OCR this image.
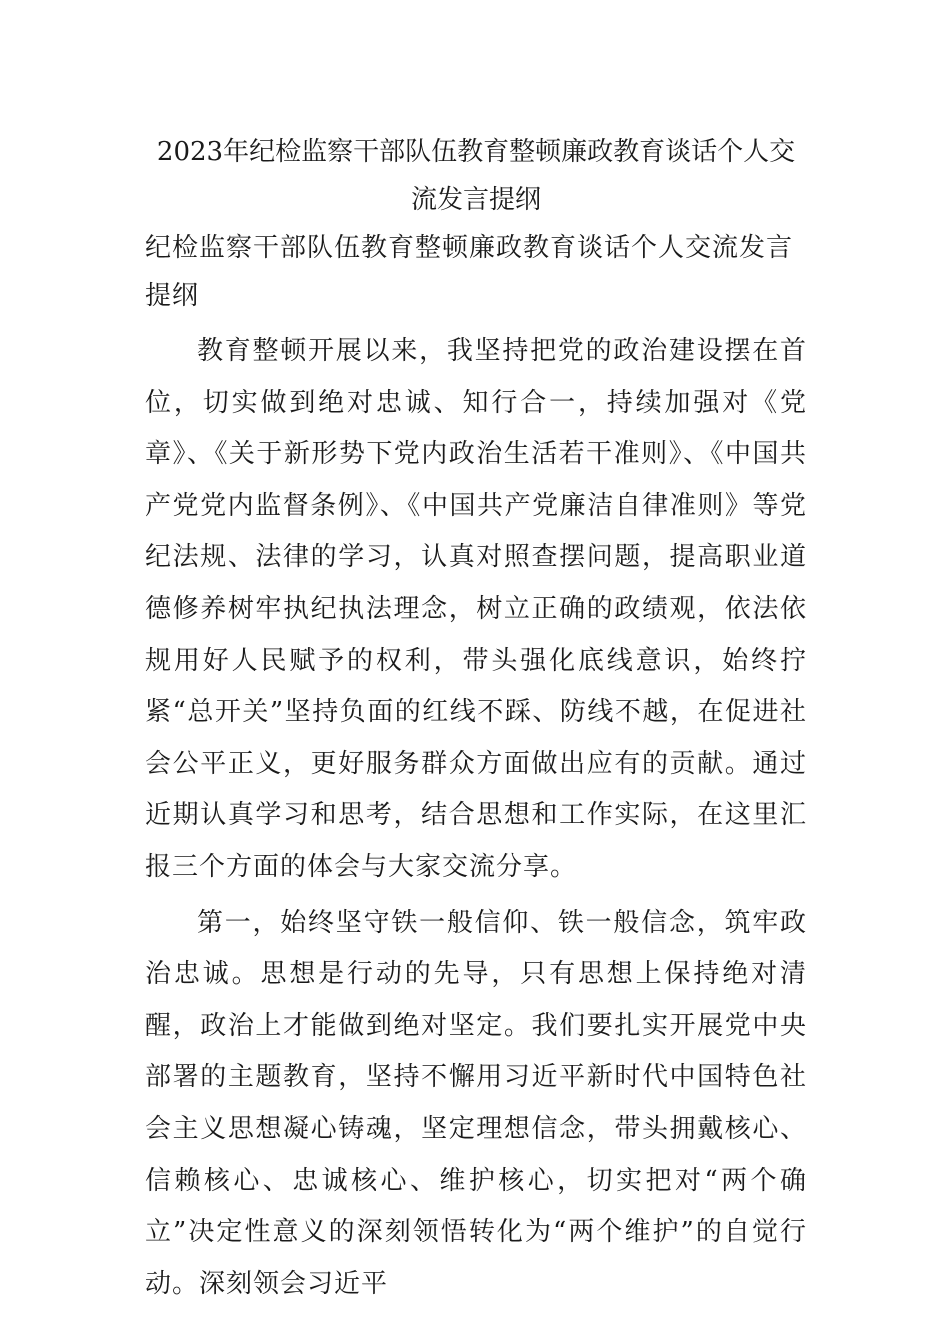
2023年纪检监察干部队伍教育整顿廉政教育谈话个人交流发言提纲

纪检监察干部队伍教育整顿廉政教育谈话个人交流发言提纲

教育整顿开展以来，我坚持把党的政治建设摆在首位，切实做到绝对忠诚、知行合一，持续加强对《党章》、《关于新形势下党内政治生活若干准则》、《中国共产党党内监督条例》、《中国共产党廉洁自律准则》等党纪法规、法律的学习，认真对照查摆问题，提高职业道德修养树牢执纪执法理念，树立正确的政绩观，依法依规用好人民赋予的权利，带头强化底线意识，始终拧紧“总开关”坚持负面的红线不踩、防线不越，在促进社会公平正义，更好服务群众方面做出应有的贡献。通过近期认真学习和思考，结合思想和工作实际，在这里汇报三个方面的体会与大家交流分享。

第一，始终坚守铁一般信仰、铁一般信念，筑牢政治忠诚。思想是行动的先导，只有思想上保持绝对清醒，政治上才能做到绝对坚定。我们要扎实开展党中央部署的主题教育，坚持不懈用习近平新时代中国特色社会主义思想凝心铸魂，坚定理想信念，带头拥戴核心、信赖核心、忠诚核心、维护核心，切实把对“两个确立”决定性意义的深刻领悟转化为“两个维护”的自觉行动。深刻领会习近平
